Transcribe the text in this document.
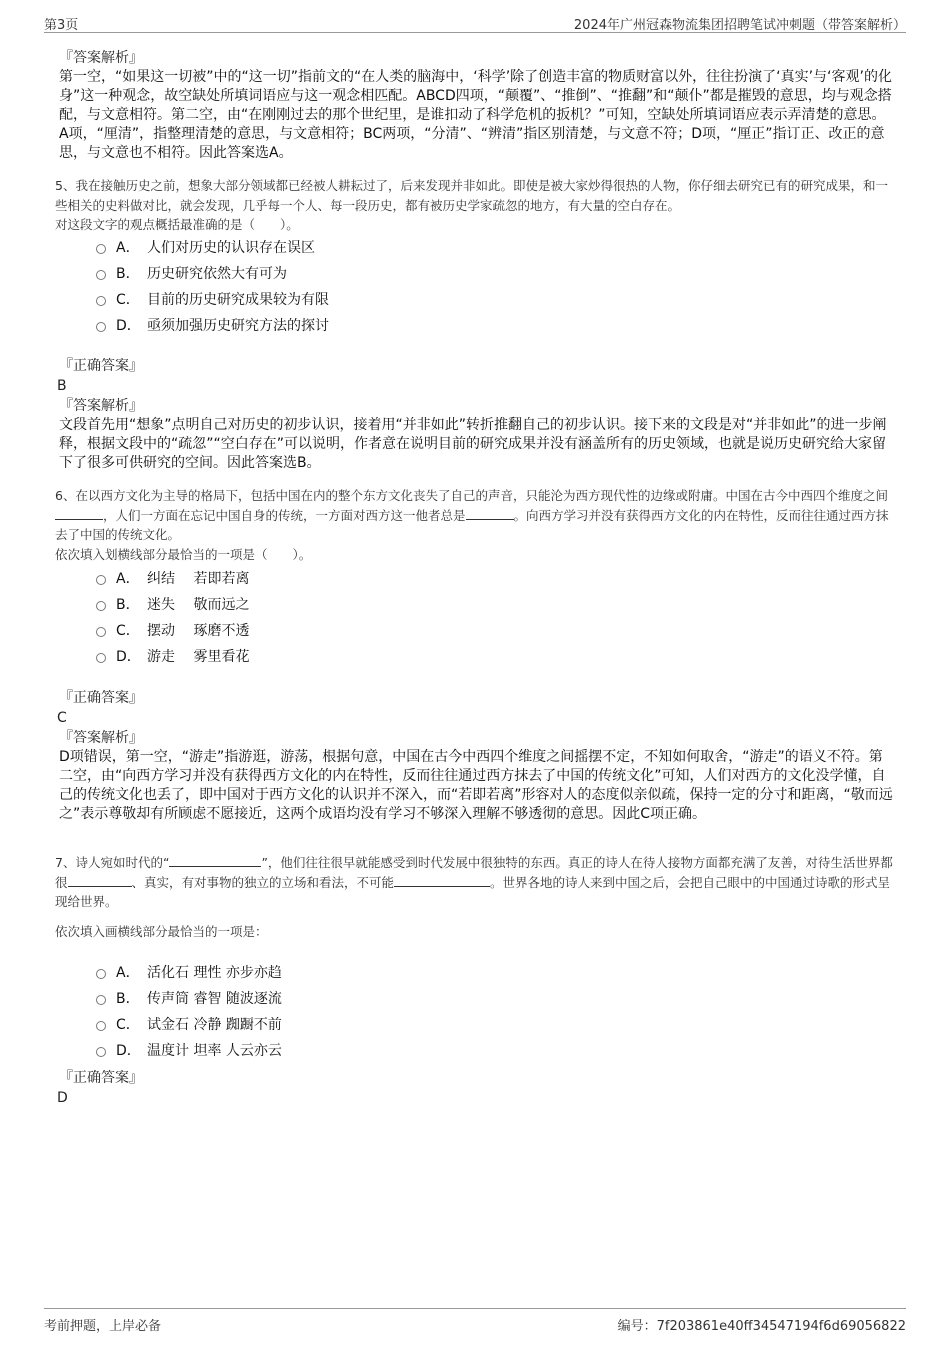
第3页	2024年广州冠森物流集团招聘笔试冲刺题（带答案解析）
『答案解析』
第一空，“如果这一切被”中的“这一切”指前文的“在人类的脑海中，‘科学’除了创造丰富的物质财富以外，往往扮演了‘真实’与‘客观’的化身”这一种观念，故空缺处所填词语应与这一观念相匹配。ABCD四项，“颠覆”、“推倒”、“推翻”和“颠仆”都是摧毁的意思，均与观念搭配，与文意相符。第二空，由“在刚刚过去的那个世纪里，是谁扣动了科学危机的扳机？”可知，空缺处所填词语应表示弄清楚的意思。A项，“厘清”，指整理清楚的意思，与文意相符；BC两项，“分清”、“辨清”指区别清楚，与文意不符；D项，“厘正”指订正、改正的意思，与文意也不相符。因此答案选A。
5、我在接触历史之前，想象大部分领域都已经被人耕耘过了，后来发现并非如此。即使是被大家炒得很热的人物，你仔细去研究已有的研究成果，和一些相关的史料做对比，就会发现，几乎每一个人、每一段历史，都有被历史学家疏忽的地方，有大量的空白存在。
对这段文字的观点概括最准确的是（　　）。
A． 人们对历史的认识存在误区
B． 历史研究依然大有可为
C． 目前的历史研究成果较为有限
D． 亟须加强历史研究方法的探讨
『正确答案』
B
『答案解析』
文段首先用“想象”点明自己对历史的初步认识，接着用“并非如此”转折推翻自己的初步认识。接下来的文段是对“并非如此”的进一步阐释，根据文段中的“疏忽”“空白存在”可以说明，作者意在说明目前的研究成果并没有涵盖所有的历史领域，也就是说历史研究给大家留下了很多可供研究的空间。因此答案选B。
6、在以西方文化为主导的格局下，包括中国在内的整个东方文化丧失了自己的声音，只能沦为西方现代性的边缘或附庸。中国在古今中西四个维度之间，人们一方面在忘记中国自身的传统，一方面对西方这一他者总是	。向西方学习并没有获得西方文化的内在特性，反而往往通过西方抹去了中国的传统文化。
依次填入划横线部分最恰当的一项是（　　）。
A． 纠结　 若即若离
B． 迷失　 敬而远之
C． 摆动　 琢磨不透
D． 游走　 雾里看花
『正确答案』
C
『答案解析』
D项错误，第一空，“游走”指游逛，游荡，根据句意，中国在古今中西四个维度之间摇摆不定，不知如何取舍，“游走”的语义不符。第二空，由“向西方学习并没有获得西方文化的内在特性，反而往往通过西方抹去了中国的传统文化”可知，人们对西方的文化没学懂，自己的传统文化也丢了，即中国对于西方文化的认识并不深入，而“若即若离”形容对人的态度似亲似疏，保持一定的分寸和距离，“敬而远之”表示尊敬却有所顾虑不愿接近，这两个成语均没有学习不够深入理解不够透彻的意思。因此C项正确。
7、诗人宛如时代的“	”，他们往往很早就能感受到时代发展中很独特的东西。真正的诗人在待人接物方面都充满了友善，对待生活世界都很	、真实，有对事物的独立的立场和看法，不可能	。世界各地的诗人来到中国之后，会把自己眼中的中国通过诗歌的形式呈现给世界。
依次填入画横线部分最恰当的一项是：
A． 活化石 理性 亦步亦趋
B． 传声筒 睿智 随波逐流
C． 试金石 冷静 踟蹰不前
D． 温度计 坦率 人云亦云
『正确答案』
D
考前押题，上岸必备	编号：7f203861e40ff34547194f6d69056822
